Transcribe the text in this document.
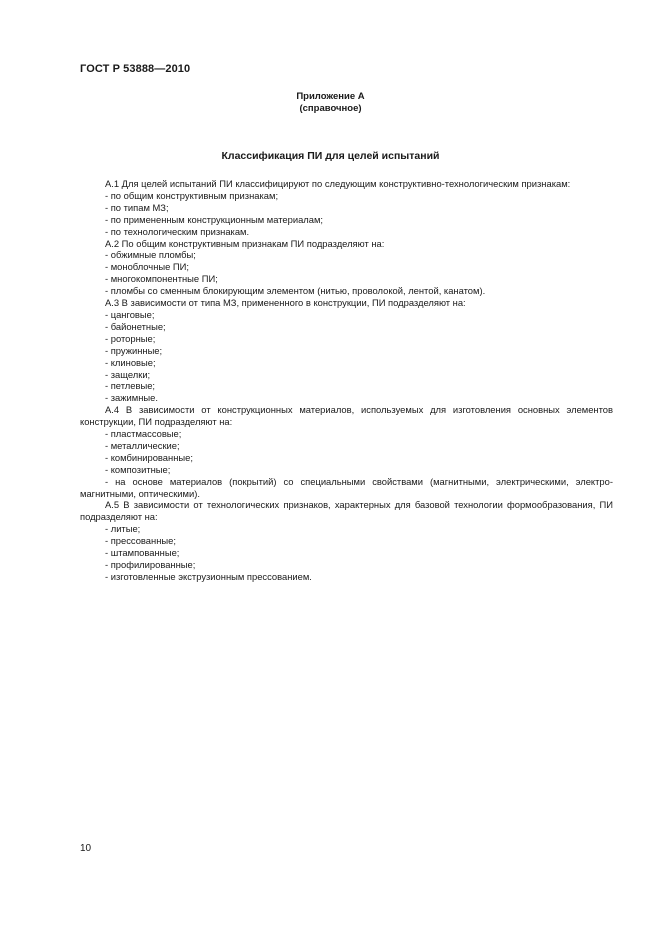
ГОСТ Р 53888—2010
Приложение А
(справочное)
Классификация ПИ для целей испытаний

А.1 Для целей испытаний ПИ классифицируют по следующим конструктивно-технологическим признакам:

- по общим конструктивным признакам;

- по типам МЗ;

- по примененным конструкционным материалам;

- по технологическим признакам.

А.2 По общим конструктивным признакам ПИ подразделяют на:

- обжимные пломбы;

- моноблочные ПИ;

- многокомпонентные ПИ;

- пломбы со сменным блокирующим элементом (нитью, проволокой, лентой, канатом).

А.3 В зависимости от типа МЗ, примененного в конструкции, ПИ подразделяют на:

- цанговые;

- байонетные;

- роторные;

- пружинные;

- клиновые;

- защелки;

- петлевые;

- зажимные.

А.4 В зависимости от конструкционных материалов, используемых для изготовления основных элементов конструкции, ПИ подразделяют на:

- пластмассовые;

- металлические;

- комбинированные;

- композитные;

- на основе материалов (покрытий) со специальными свойствами (магнитными, электрическими, электро-магнитными, оптическими).

А.5 В зависимости от технологических признаков, характерных для базовой технологии формообразования, ПИ подразделяют на:

- литые;

- прессованные;

- штампованные;

- профилированные;

- изготовленные экструзионным прессованием.

10
